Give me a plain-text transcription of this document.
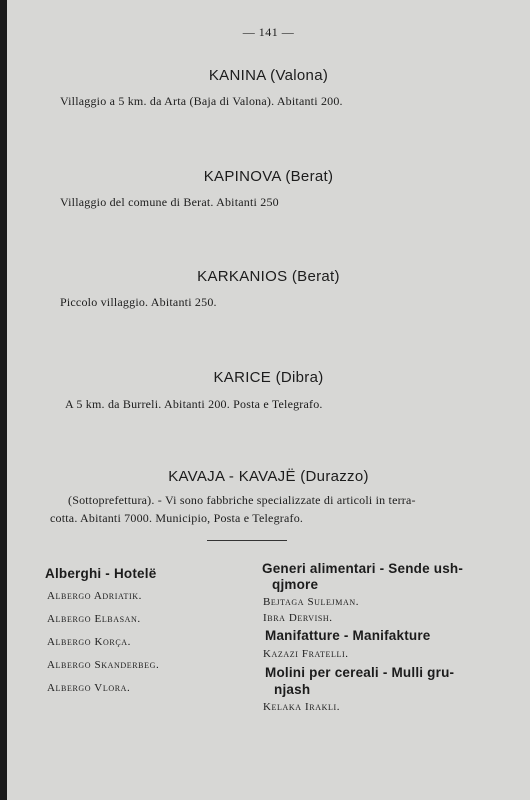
— 141 —
KANINA (Valona)
Villaggio a 5 km. da Arta (Baja di Valona). Abitanti 200.
KAPINOVA (Berat)
Villaggio del comune di Berat. Abitanti 250
KARKANIOS (Berat)
Piccolo villaggio. Abitanti 250.
KARICE (Dibra)
A 5 km. da Burreli. Abitanti 200. Posta e Telegrafo.
KAVAJA - KAVAJË (Durazzo)
(Sottoprefettura). - Vi sono fabbriche specializzate di articoli in terra-
cotta. Abitanti 7000. Municipio, Posta e Telegrafo.
Alberghi - Hotelë
Albergo Adriatik.
Albergo Elbasan.
Albergo Korça.
Albergo Skanderbeg.
Albergo Vlora.
Generi alimentari - Sende ush-
qjmore
Bejtaga Sulejman.
Ibra Dervish.
Manifatture - Manifakture
Kazazi Fratelli.
Molini per cereali - Mulli gru-
njash
Kelaka Irakli.
